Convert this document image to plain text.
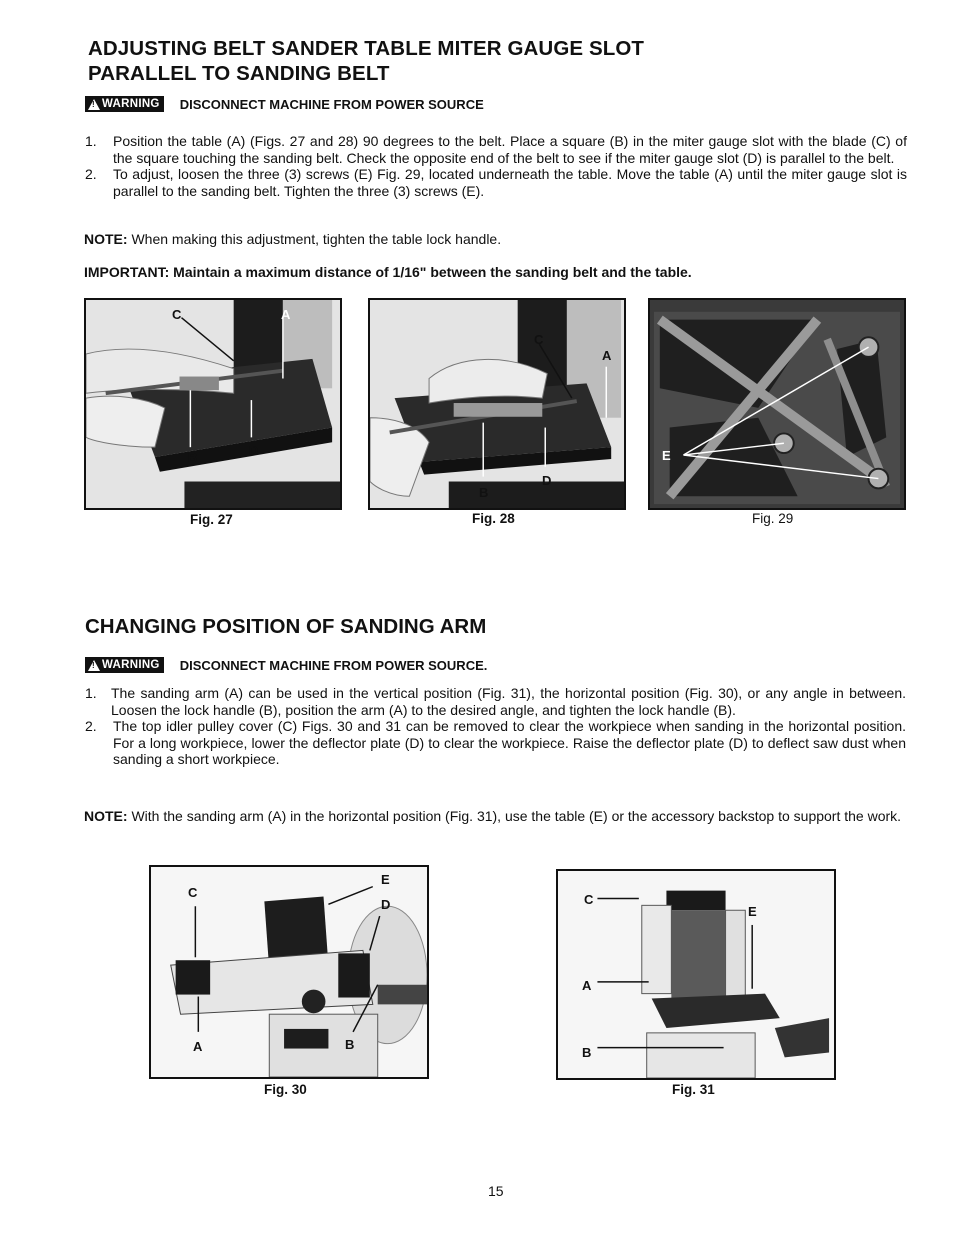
ADJUSTING BELT SANDER TABLE MITER GAUGE SLOT
PARALLEL TO SANDING BELT
!
WARNING DISCONNECT MACHINE FROM POWER SOURCE
1. Position the table (A) (Figs. 27 and 28) 90 degrees to the belt. Place a square (B) in the miter gauge slot with the blade (C) of the square touching the sanding belt. Check the opposite end of the belt to see if the miter gauge slot (D) is parallel to the belt.
2. To adjust, loosen the three (3) screws (E) Fig. 29, located underneath the table. Move the table (A) until the miter gauge slot is parallel to the sanding belt. Tighten the three (3) screws (E).

NOTE: When making this adjustment, tighten the table lock handle.

IMPORTANT: Maintain a maximum distance of 1/16" between the sanding belt and the table.

C	A
B	D
Fig. 27
C
A
B
D
Fig. 28
E
Fig. 29
CHANGING POSITION OF SANDING ARM
!
WARNING DISCONNECT MACHINE FROM POWER SOURCE.
1. The sanding arm (A) can be used in the vertical position (Fig. 31), the horizontal position (Fig. 30), or any angle in between. Loosen the lock handle (B), position the arm (A) to the desired angle, and tighten the lock handle (B).
2. The top idler pulley cover (C) Figs. 30 and 31 can be removed to clear the workpiece when sanding in the horizontal position. For a long workpiece, lower the deflector plate (D) to clear the workpiece. Raise the deflector plate (D) to deflect saw dust when sanding a short workpiece.

NOTE: With the sanding arm (A) in the horizontal position (Fig. 31), use the table (E) or the accessory backstop to support the work.

C
E
D
A	B
Fig. 30
C
E
A
B
Fig. 31
15
